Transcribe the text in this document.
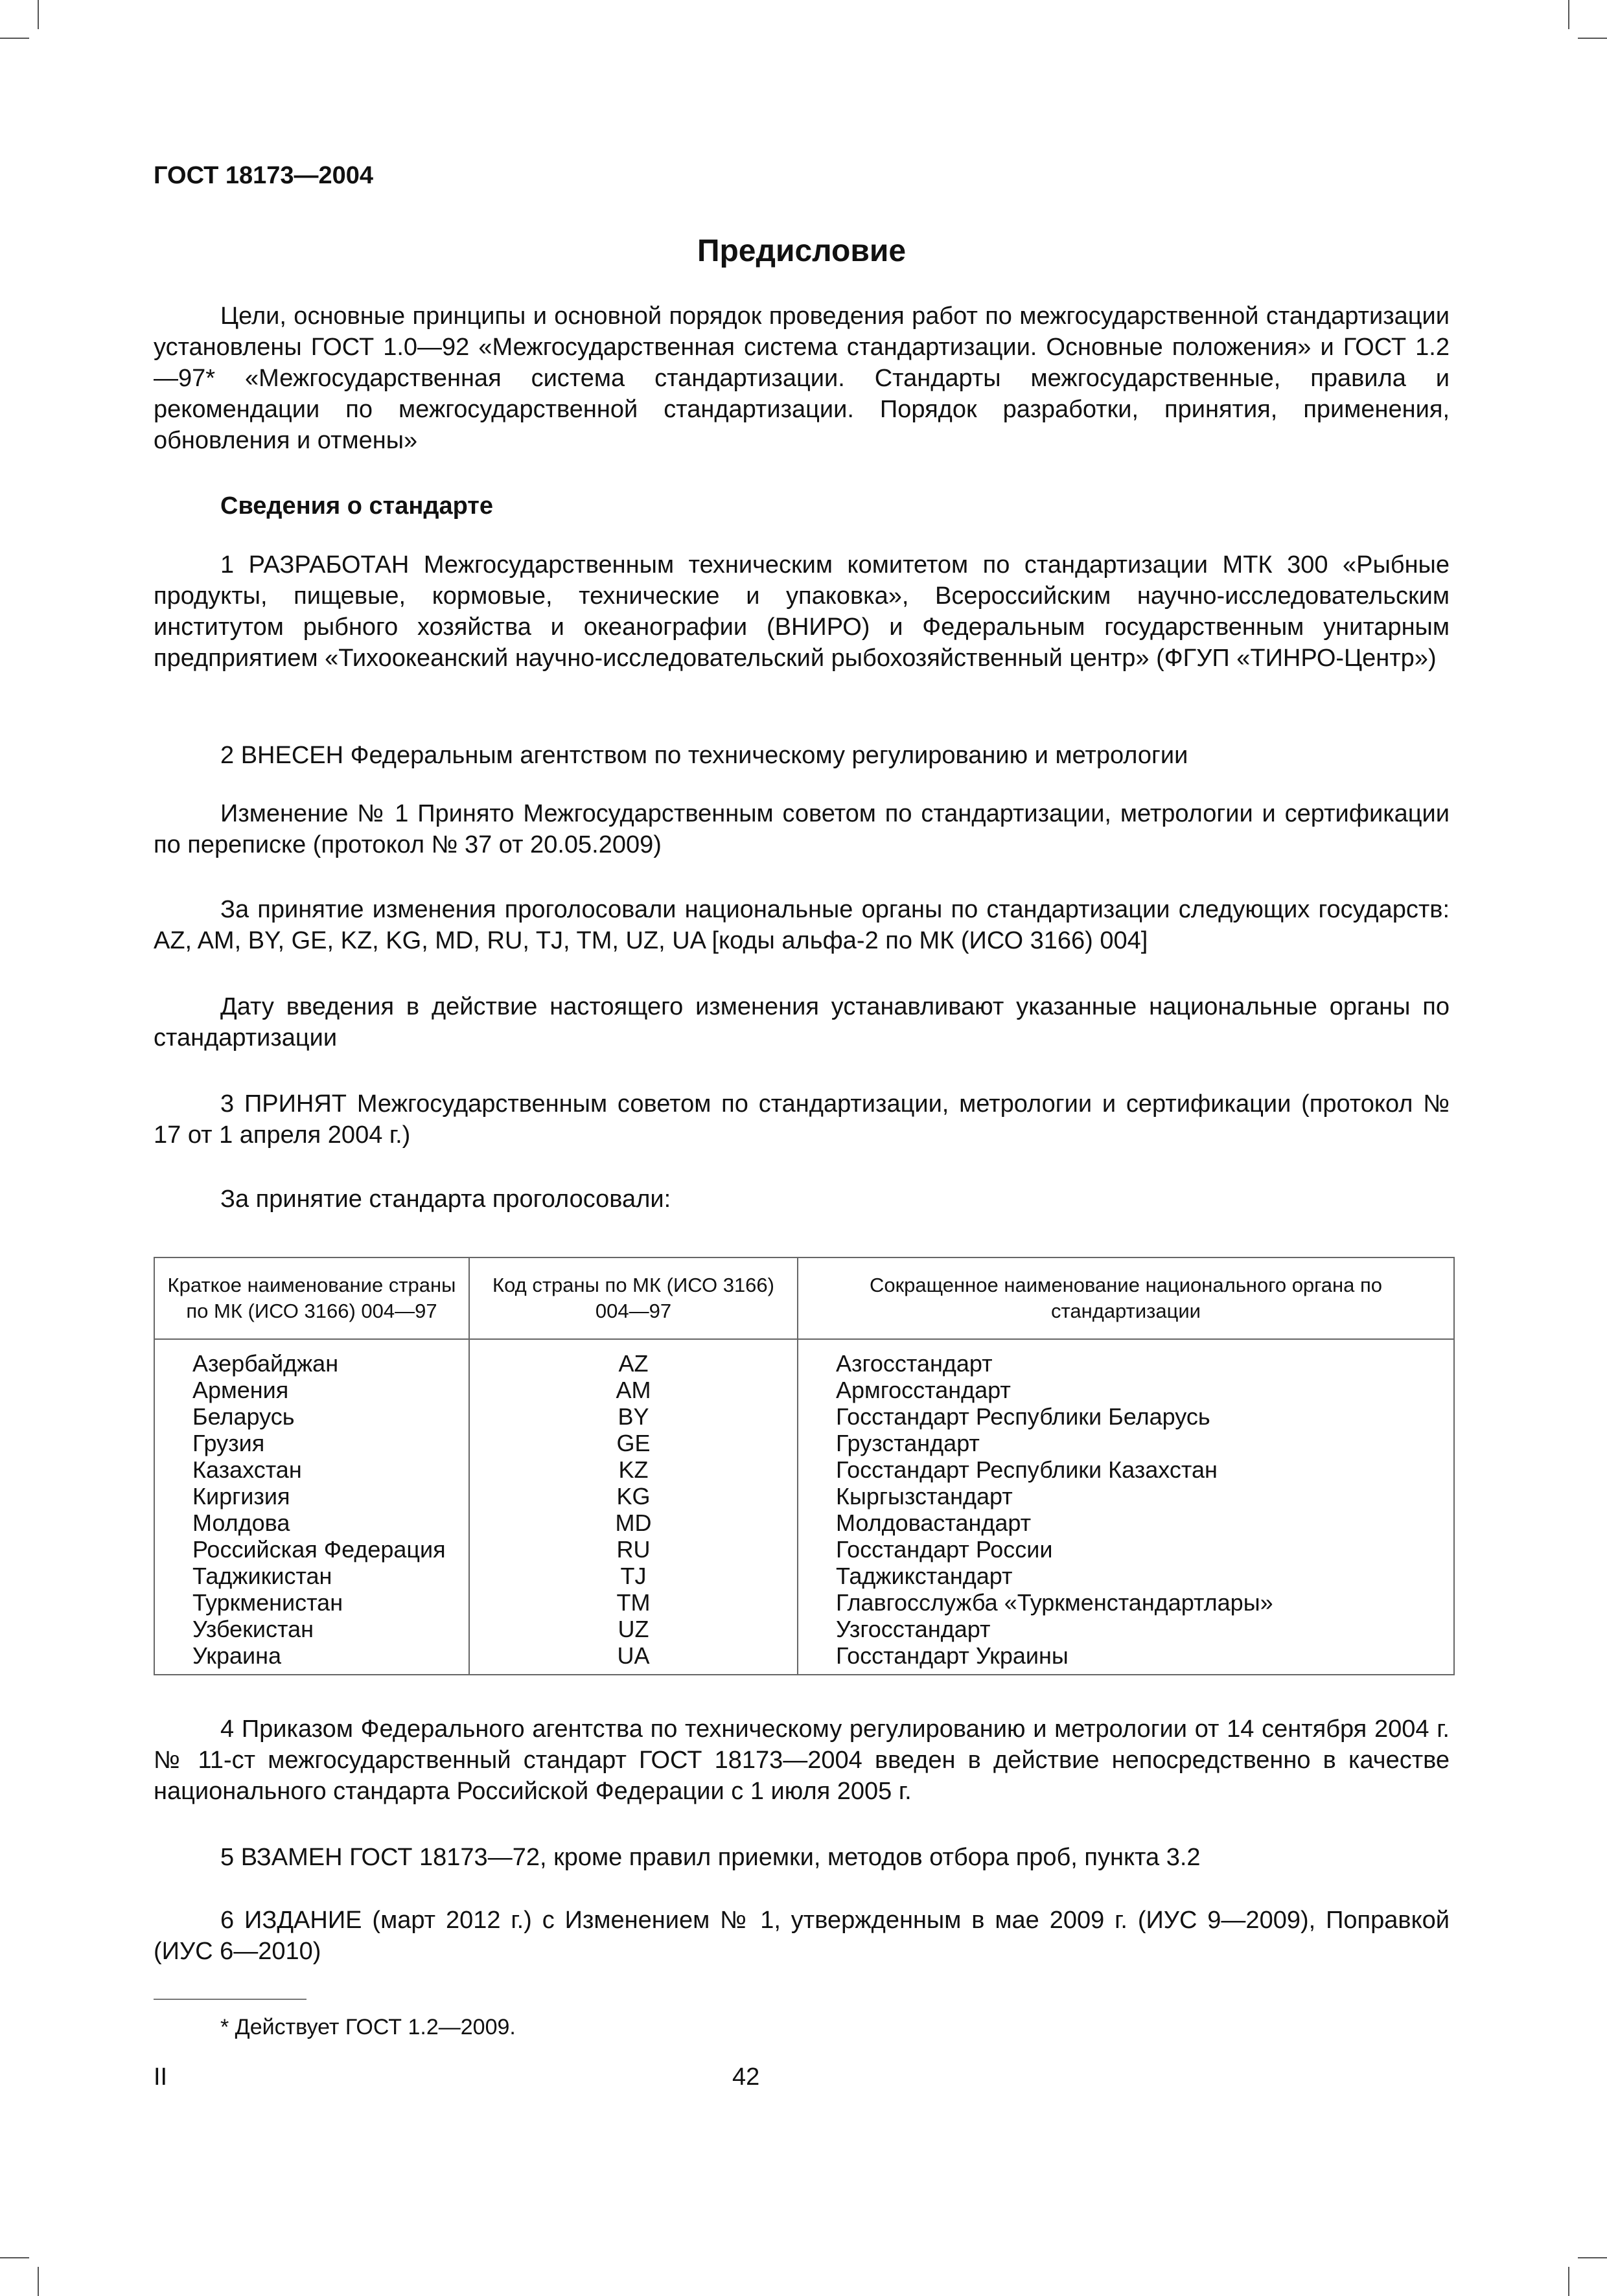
ГОСТ 18173—2004

Предисловие

Цели, основные принципы и основной порядок проведения работ по межгосударственной стандартизации установлены ГОСТ 1.0—92 «Межгосударственная система стандартизации. Основные положения» и ГОСТ 1.2—97* «Межгосударственная система стандартизации. Стандарты межгосударственные, правила и рекомендации по межгосударственной стандартизации. Порядок разработки, принятия, применения, обновления и отмены»

Сведения о стандарте

1 РАЗРАБОТАН Межгосударственным техническим комитетом по стандартизации МТК 300 «Рыбные продукты, пищевые, кормовые, технические и упаковка», Всероссийским научно-исследовательским институтом рыбного хозяйства и океанографии (ВНИРО) и Федеральным государственным унитарным предприятием «Тихоокеанский научно-исследовательский рыбохозяйственный центр» (ФГУП «ТИНРО-Центр»)

2 ВНЕСЕН Федеральным агентством по техническому регулированию и метрологии

Изменение № 1 Принято Межгосударственным советом по стандартизации, метрологии и сертификации по переписке (протокол № 37 от 20.05.2009)

За принятие изменения проголосовали национальные органы по стандартизации следующих государств: AZ, AM, BY, GE, KZ, KG, MD, RU, TJ, TM, UZ, UA [коды альфа-2 по МК (ИСО 3166) 004]

Дату введения в действие настоящего изменения устанавливают указанные национальные органы по стандартизации

3 ПРИНЯТ Межгосударственным советом по стандартизации, метрологии и сертификации (протокол № 17 от 1 апреля 2004 г.)

За принятие стандарта проголосовали:

Краткое наименование страны по МК (ИСО 3166) 004—97	Код страны по МК (ИСО 3166) 004—97	Сокращенное наименование национального органа по стандартизации
Азербайджан	AZ	Азгосстандарт
Армения	AM	Армгосстандарт
Беларусь	BY	Госстандарт Республики Беларусь
Грузия	GE	Грузстандарт
Казахстан	KZ	Госстандарт Республики Казахстан
Киргизия	KG	Кыргызстандарт
Молдова	MD	Молдовастандарт
Российская Федерация	RU	Госстандарт России
Таджикистан	TJ	Таджикстандарт
Туркменистан	TM	Главгосслужба «Туркменстандартлары»
Узбекистан	UZ	Узгосстандарт
Украина	UA	Госстандарт Украины

4 Приказом Федерального агентства по техническому регулированию и метрологии от 14 сентября 2004 г. № 11-ст межгосударственный стандарт ГОСТ 18173—2004 введен в действие непосредственно в качестве национального стандарта Российской Федерации с 1 июля 2005 г.

5 ВЗАМЕН ГОСТ 18173—72, кроме правил приемки, методов отбора проб, пункта 3.2

6 ИЗДАНИЕ (март 2012 г.) с Изменением № 1, утвержденным в мае 2009 г. (ИУС 9—2009), Поправкой (ИУС 6—2010)

* Действует ГОСТ 1.2—2009.

II	42
